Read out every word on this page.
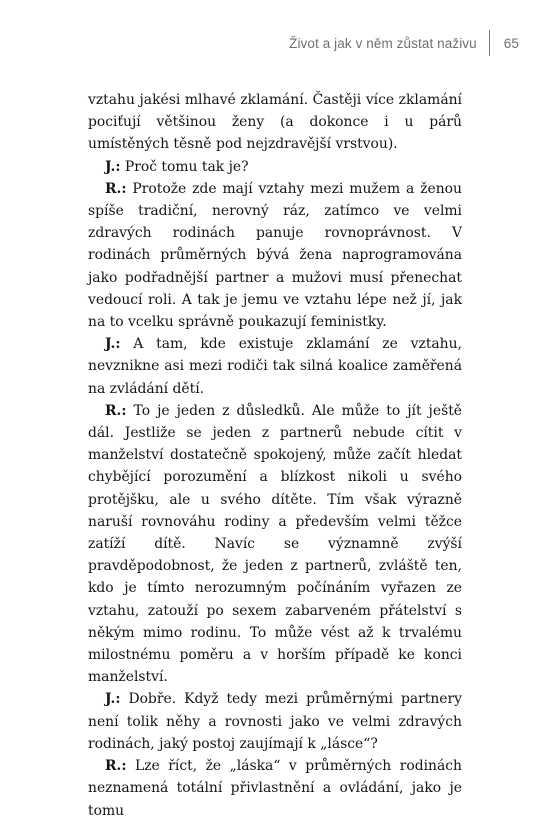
Život a jak v něm zůstat naživu 65

vztahu jakési mlhavé zklamání. Častěji více zklamání pociťují většinou ženy (a dokonce i u párů umístěných těsně pod nejzdravější vrstvou).

J.: Proč tomu tak je?

R.: Protože zde mají vztahy mezi mužem a ženou spíše tradiční, nerovný ráz, zatímco ve velmi zdravých rodinách panuje rovnoprávnost. V rodinách průměrných bývá žena naprogramována jako podřadnější partner a mužovi musí přenechat vedoucí roli. A tak je jemu ve vztahu lépe než jí, jak na to vcelku správně poukazují feministky.

J.: A tam, kde existuje zklamání ze vztahu, nevznikne asi mezi rodiči tak silná koalice zaměřená na zvládání dětí.

R.: To je jeden z důsledků. Ale může to jít ještě dál. Jestliže se jeden z partnerů nebude cítit v manželství dostatečně spokojený, může začít hledat chybějící porozumění a blízkost nikoli u svého protějšku, ale u svého dítěte. Tím však výrazně naruší rovnováhu rodiny a především velmi těžce zatíží dítě. Navíc se významně zvýší pravděpodobnost, že jeden z partnerů, zvláště ten, kdo je tímto nerozumným počínáním vyřazen ze vztahu, zatouží po sexem zabarveném přátelství s někým mimo rodinu. To může vést až k trvalému milostnému poměru a v horším případě ke konci manželství.

J.: Dobře. Když tedy mezi průměrnými partnery není tolik něhy a rovnosti jako ve velmi zdravých rodinách, jaký postoj zaujímají k „lásce“?

R.: Lze říct, že „láska“ v průměrných rodinách neznamená totální přivlastnění a ovládání, jako je tomu
